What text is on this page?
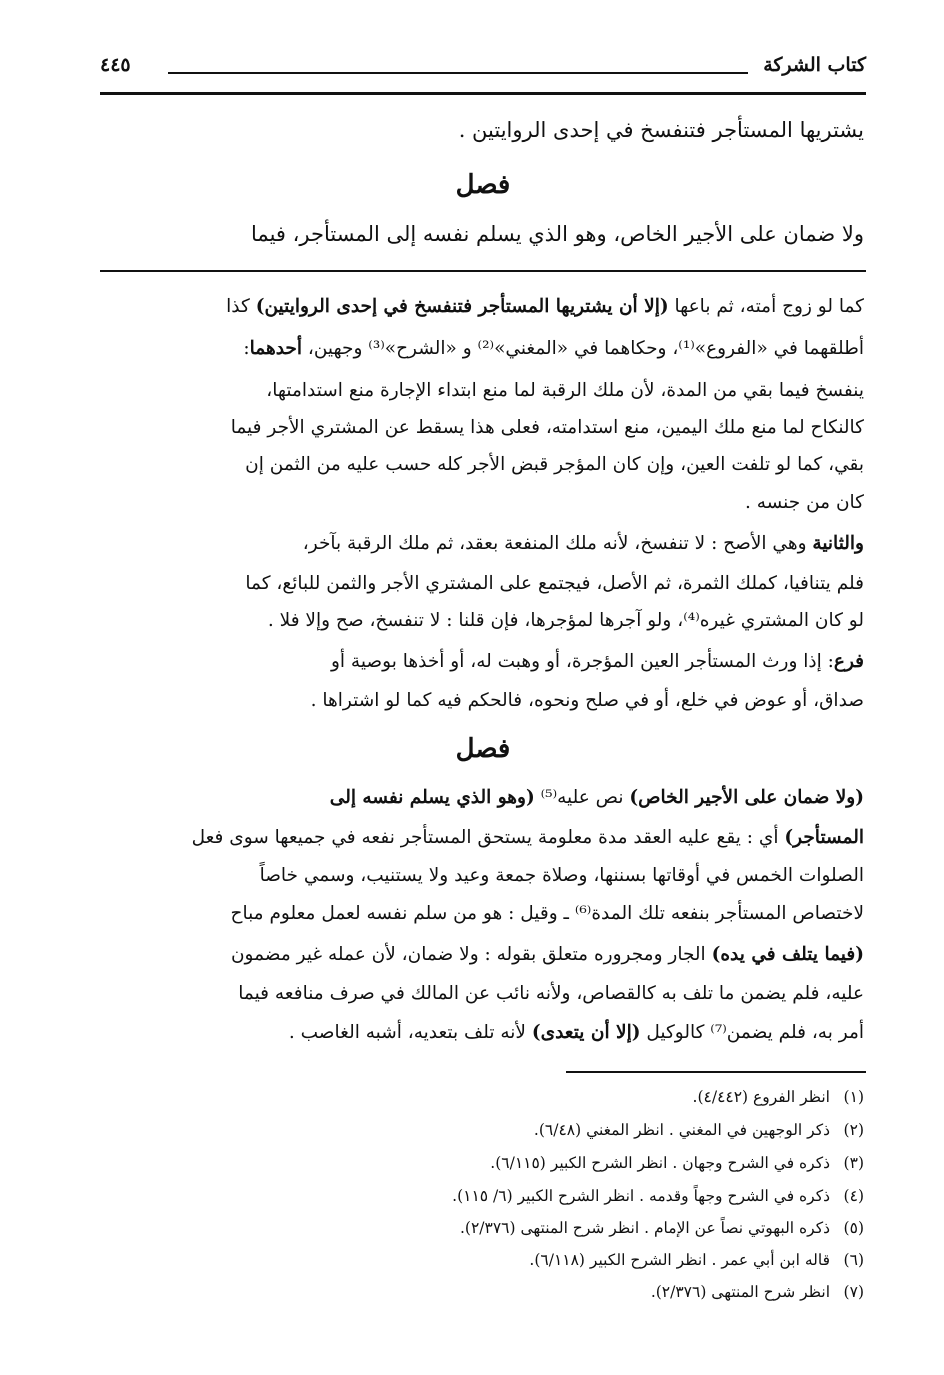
كتاب الشركة
٤٤٥
يشتريها المستأجر فتنفسخ في إحدى الروايتين .
فصل
ولا ضمان على الأجير الخاص، وهو الذي يسلم نفسه إلى المستأجر، فيما
كما لو زوج أمته، ثم باعها (إلا أن يشتريها المستأجر فتنفسخ في إحدى الروايتين) كذا
أطلقهما في «الفروع»⁽¹⁾، وحكاهما في «المغني»⁽²⁾ و «الشرح»⁽³⁾ وجهين، أحدهما:
ينفسخ فيما بقي من المدة، لأن ملك الرقبة لما منع ابتداء الإجارة منع استدامتها،
كالنكاح لما منع ملك اليمين، منع استدامته، فعلى هذا يسقط عن المشتري الأجر فيما
بقي، كما لو تلفت العين، وإن كان المؤجر قبض الأجر كله حسب عليه من الثمن إن
كان من جنسه .
والثانية وهي الأصح : لا تنفسخ، لأنه ملك المنفعة بعقد، ثم ملك الرقبة بآخر،
فلم يتنافيا، كملك الثمرة، ثم الأصل، فيجتمع على المشتري الأجر والثمن للبائع، كما
لو كان المشتري غيره⁽⁴⁾، ولو آجرها لمؤجرها، فإن قلنا : لا تنفسخ، صح وإلا فلا .
فرع: إذا ورث المستأجر العين المؤجرة، أو وهبت له، أو أخذها بوصية أو
صداق، أو عوض في خلع، أو في صلح ونحوه، فالحكم فيه كما لو اشتراها .
فصل
(ولا ضمان على الأجير الخاص) نص عليه⁽⁵⁾ (وهو الذي يسلم نفسه إلى
المستأجر) أي : يقع عليه العقد مدة معلومة يستحق المستأجر نفعه في جميعها سوى فعل
الصلوات الخمس في أوقاتها بسننها، وصلاة جمعة وعيد ولا يستنيب، وسمي خاصاً
لاختصاص المستأجر بنفعه تلك المدة⁽⁶⁾ ـ وقيل : هو من سلم نفسه لعمل معلوم مباح
(فيما يتلف في يده) الجار ومجروره متعلق بقوله : ولا ضمان، لأن عمله غير مضمون
عليه، فلم يضمن ما تلف به كالقصاص، ولأنه نائب عن المالك في صرف منافعه فيما
أمر به، فلم يضمن⁽⁷⁾ كالوكيل (إلا أن يتعدى) لأنه تلف بتعديه، أشبه الغاصب .
(١)انظر الفروع (٤/٤٤٢).
(٢)ذكر الوجهين في المغني . انظر المغني (٦/٤٨).
(٣)ذكره في الشرح وجهان . انظر الشرح الكبير (٦/١١٥).
(٤)ذكره في الشرح وجهاً وقدمه . انظر الشرح الكبير (٦/ ١١٥).
(٥)ذكره البهوتي نصاً عن الإمام . انظر شرح المنتهى (٢/٣٧٦).
(٦)قاله ابن أبي عمر . انظر الشرح الكبير (٦/١١٨).
(٧)انظر شرح المنتهى (٢/٣٧٦).
